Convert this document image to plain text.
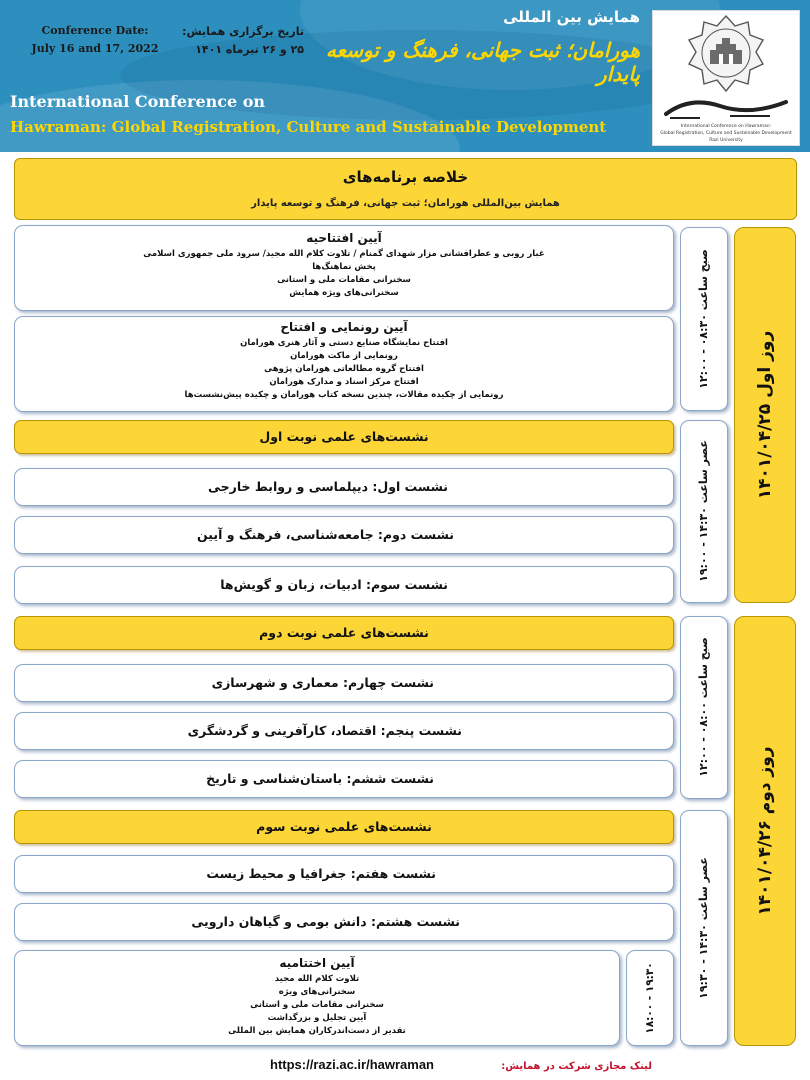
Conference Date:
July 16 and 17, 2022
تاریخ برگزاری همایش:
۲۵ و ۲۶ تیرماه ۱۴۰۱
همایش بین المللی
هورامان؛ ثبت جهانی، فرهنگ و توسعه پایدار
International Conference on
Hawraman: Global Registration, Culture and Sustainable Development	International Conference on Hawraman:
Global Registration, Culture and Sustainable Development
Razi University
خلاصه برنامه‌های
همایش بین‌المللی هورامان؛ ثبت جهانی، فرهنگ و توسعه پایدار
روز اول ۱۴۰۱/۰۴/۲۵
صبح ساعت ۰۸:۳۰ - ۱۲:۰۰
عصر ساعت ۱۴:۳۰ - ۱۹:۰۰
آیین افتتاحیه
غبار روبی و عطرافشانی مزار شهدای گمنام / تلاوت کلام الله مجید/ سرود ملی جمهوری اسلامی
پخش نماهنگ‌ها
سخنرانی مقامات ملی و استانی
سخنرانی‌های ویژه همایش
آیین رونمایی و افتتاح
افتتاح نمایشگاه صنایع دستی و آثار هنری هورامان
رونمایی از ماکت هورامان
افتتاح گروه مطالعاتی هورامان پژوهی
افتتاح مرکز اسناد و مدارک هورامان
رونمایی از چکیده مقالات، چندین نسخه کتاب هورامان و چکیده پیش‌نشست‌ها
نشست‌های علمی نوبت اول
نشست اول: دیپلماسی و روابط خارجی
نشست دوم: جامعه‌شناسی، فرهنگ و آیین
نشست سوم: ادبیات، زبان و گویش‌ها
روز دوم ۱۴۰۱/۰۴/۲۶
صبح ساعت ۰۸:۰۰ - ۱۲:۰۰
عصر ساعت ۱۴:۳۰ - ۱۹:۳۰
نشست‌های علمی نوبت دوم
نشست چهارم: معماری و شهرسازی
نشست پنجم: اقتصاد، کارآفرینی و گردشگری
نشست ششم: باستان‌شناسی و تاریخ
نشست‌های علمی نوبت سوم
نشست هفتم: جغرافیا و محیط زیست
نشست هشتم: دانش بومی و گیاهان دارویی
آیین اختتامیه
تلاوت کلام الله مجید
سخنرانی‌های ویژه
سخنرانی مقامات ملی و استانی
آیین تجلیل و بزرگداشت
تقدیر از دست‌اندرکاران همایش بین المللی	۱۹:۳۰ - ۱۸:۰۰
لینک مجازی شرکت در همایش:
https://razi.ac.ir/hawraman
